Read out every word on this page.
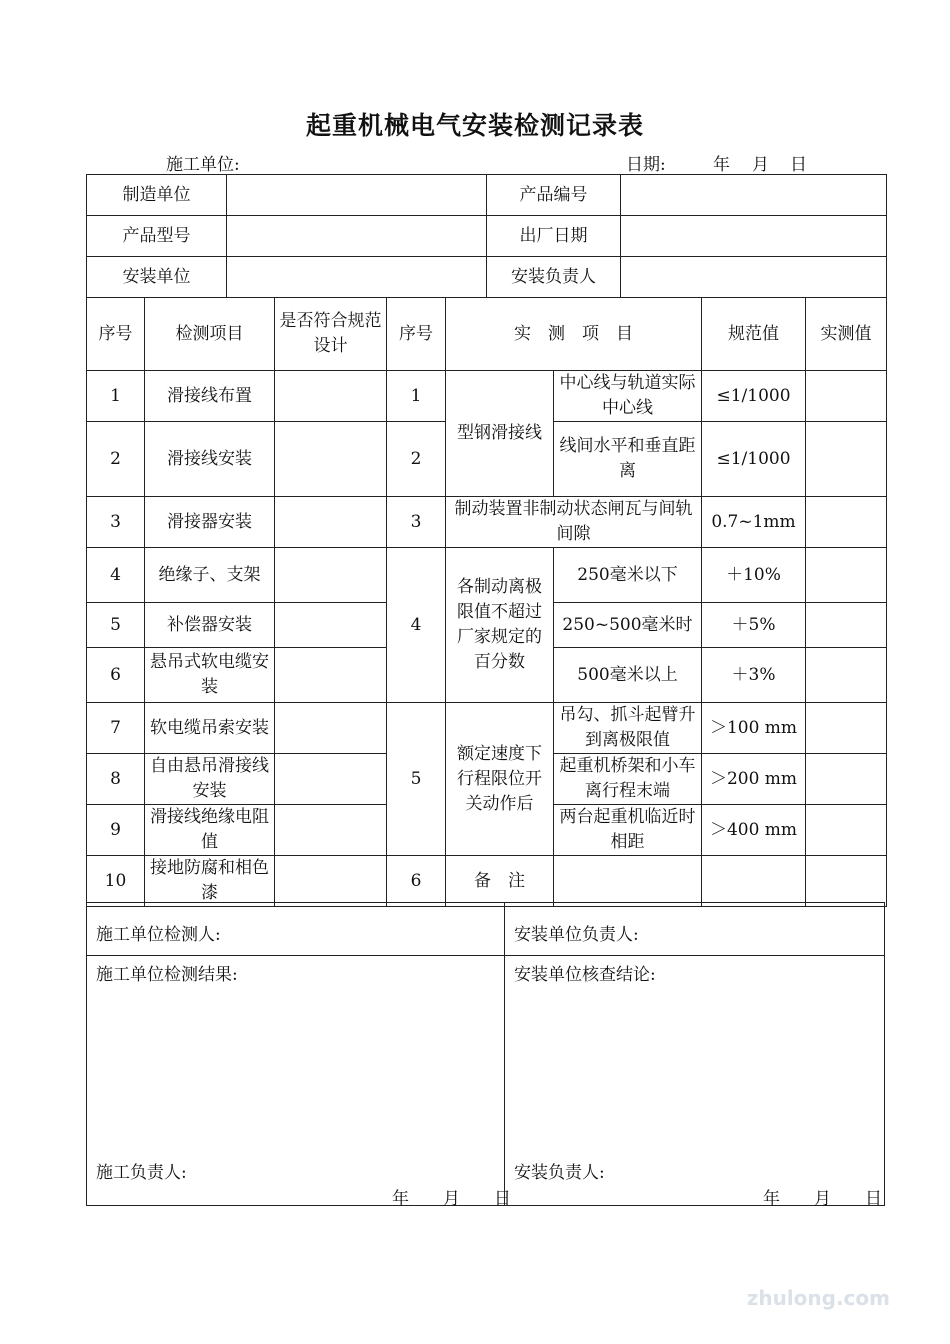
起重机械电气安装检测记录表
施工单位:	日期:	年 月 日
制造单位		产品编号	
产品型号		出厂日期	
安装单位		安装负责人	
序号	检测项目	是否符合规范设计	序号	实　测　项　目		规范值	实测值
1	滑接线布置		1	型钢滑接线	中心线与轨道实际中心线	≤1/1000	
2	滑接线安装		2		线间水平和垂直距离	≤1/1000	
3	滑接器安装		3	制动装置非制动状态闸瓦与间轨间隙		0.7~1mm	
4	绝缘子、支架		4	各制动离极限值不超过厂家规定的百分数	250毫米以下	＋10%	
5	补偿器安装				250~500毫米时	＋5%	
6	悬吊式软电缆安装				500毫米以上	＋3%	
7	软电缆吊索安装		5	额定速度下行程限位开关动作后	吊勾、抓斗起臂升到离极限值	＞100 mm	
8	自由悬吊滑接线安装				起重机桥架和小车离行程末端	＞200 mm	
9	滑接线绝缘电阻值				两台起重机临近时相距	＞400 mm	
10	接地防腐和相色漆		6	备　注			
施工单位检测人:	安装单位负责人:
施工单位检测结果:	安装单位核查结论:
施工负责人:	安装负责人:
年　　月　　日	年　　月　　日
zhulong.com
